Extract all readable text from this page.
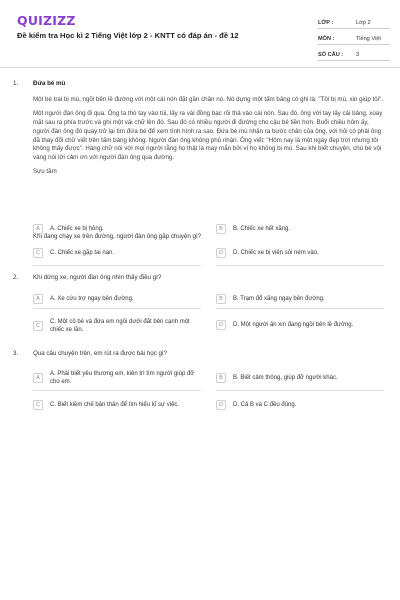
QUIZIZZ
Đề kiểm tra Học kì 2 Tiếng Việt lớp 2 - KNTT có đáp án - đề 12
LỚP :	Lớp 2
MÔN :	Tiếng Việt
SỐ CÂU :	3
1. Đứa bé mù

Một bé trai bị mù, ngồi bên lề đường với một cái nón đặt gần chân nó. Nó dựng một tấm bảng có ghi là: "Tôi bị mù, xin giúp tôi".

Một người đàn ông đi qua. Ông ta thò tay vào túi, lấy ra vài đồng bạc rồi thả vào cái nón. Sau đó, ông với tay lấy cái bảng, xoay mặt sau ra phía trước và ghi một vài chữ lên đó. Sau đó có nhiều người đi đường cho cậu bé tiền hơn. Buổi chiều hôm ấy, người đàn ông đó quay trở lại tìm đứa bé để xem tình hình ra sao. Đứa bé mù nhận ra bước chân của ông, với hỏi có phải ông đã thay đổi chữ viết trên tấm bảng không. Người đàn ông không phủ nhận. Ông viết: "Hôm nay là một ngày đẹp trời nhưng tôi không thấy được". Hàng chữ nói với mọi người rằng họ thật là may mắn bởi vì họ không bị mù. Sau khi biết chuyện, chú bé vội vàng nói lời cảm ơn với người đàn ông qua đường.

Sưu tầm

Khi đang chạy xe trên đường, người đàn ông gặp chuyện gì?
A	A. Chiếc xe bị hỏng.	B	B. Chiếc xe hết xăng.
C	C. Chiếc xe gặp tai nạn.	D	D. Chiếc xe bị viên sỏi ném vào.
2. Khi dừng xe, người đàn ông nhìn thấy điều gì?
A	A. Xe cứu trợ ngay bên đường.	B	B. Trạm đổ xăng ngay bên đường.
C
C. Một cô bé và đứa em ngồi dưới đất bên cạnh một chiếc xe lăn.
D	D. Một người ăn xin đang ngồi bên lề đường.
3. Qua câu chuyện trên, em rút ra được bài học gì?
A
A. Phải biết yêu thương em, kiên trì tìm người giúp đỡ cho em.
B	B. Biết cảm thông, giúp đỡ người khác.
C	C. Biết kiềm chế bản thân để tìm hiểu kĩ sự việc.	D	D. Cả B và C đều đúng.
